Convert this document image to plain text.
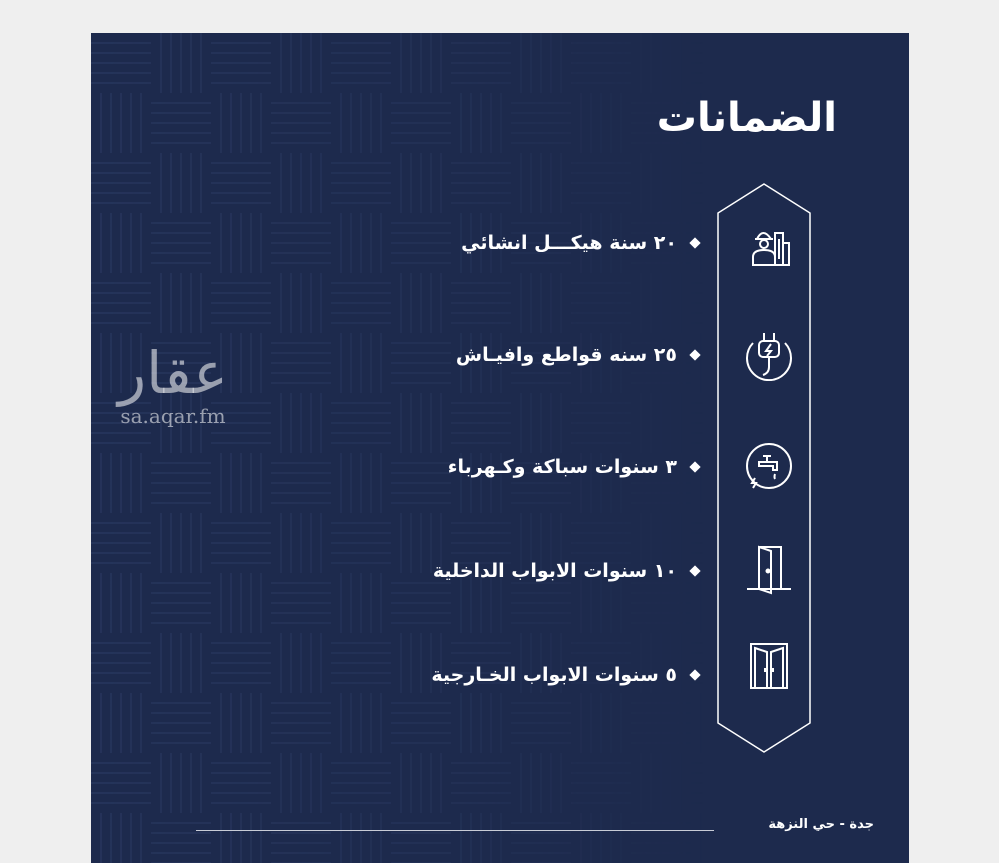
الضمانات
٢٠ سنة هيكـــل انشائي
٢٥ سنه قواطع وافيـاش
٣ سنوات سباكة وكـهرباء
١٠ سنوات الابواب الداخلية
٥ سنوات الابواب الخـارجية
جدة - حي النزهة
عقار
sa.aqar.fm
